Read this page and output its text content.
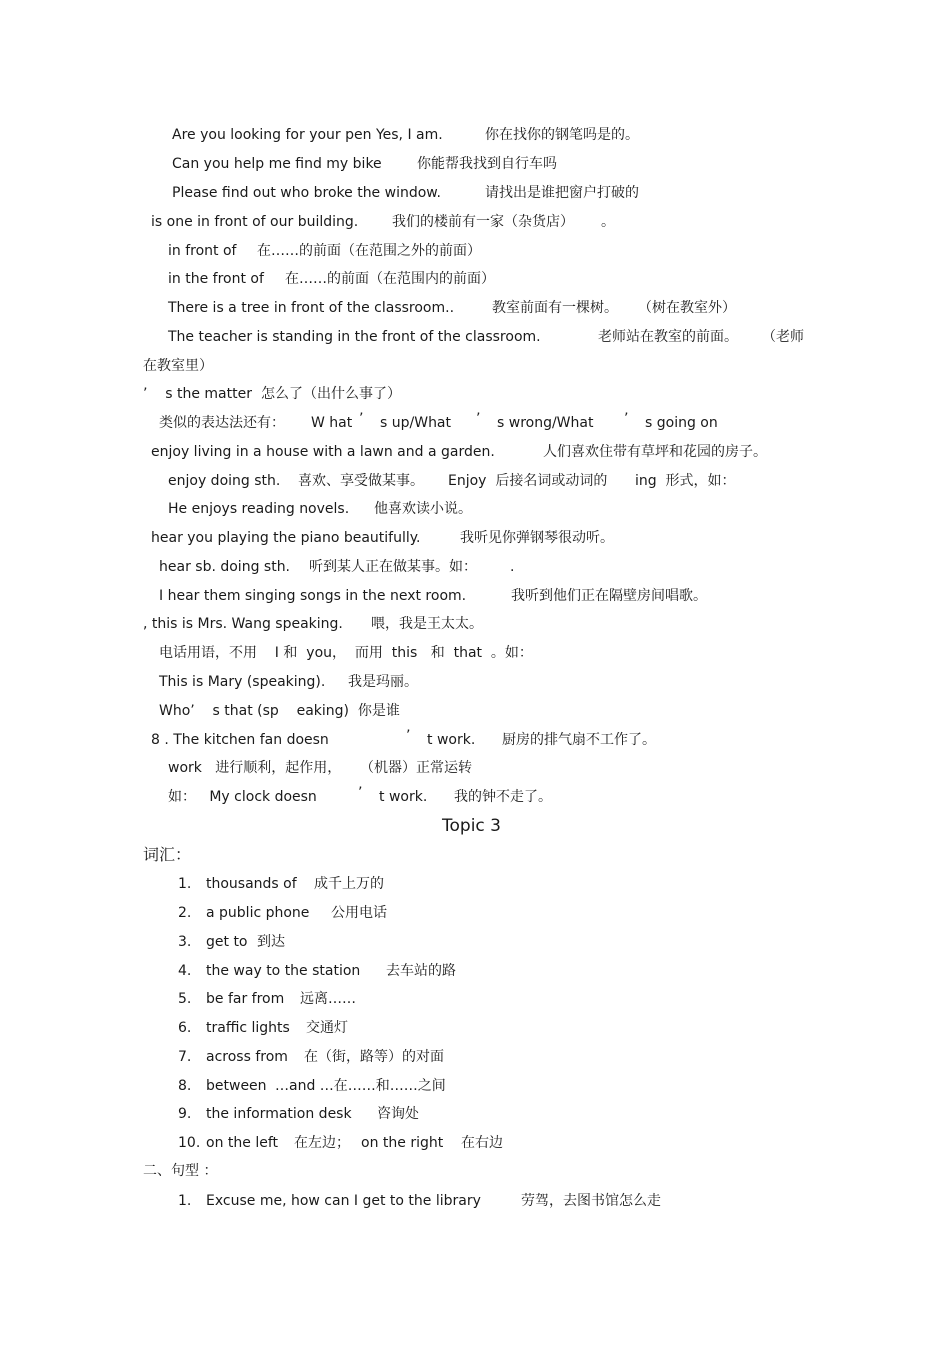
Are you looking for your pen Yes, I am.	你在找你的钢笔吗是的。
Can you help me find my bike	你能帮我找到自行车吗
Please find out who broke the window.	请找出是谁把窗户打破的
is one in front of our building. 我们的楼前有一家（杂货店） 。
in front of 在……的前面（在范围之外的前面）
in the front of 在……的前面（在范围内的前面）
There is a tree in front of the classroom..	教室前面有一棵树。 （树在教室外）
The teacher is standing in the front of the classroom.	老师站在教室的前面。 （老师
在教室里）
’    s the matter 怎么了（出什么事了）
类似的表达法还有： W hat ’ s up/What ’ s wrong/What ’ s going on
enjoy living in a house with a lawn and a garden.	人们喜欢住带有草坪和花园的房子。
enjoy doing sth. 喜欢、享受做某事。 Enjoy  后接名词或动词的 ing  形式，如：
He enjoys reading novels. 他喜欢读小说。
hear you playing the piano beautifully.	我听见你弹钢琴很动听。
hear sb. doing sth. 听到某人正在做某事。如： .
I hear them singing songs in the next room.	我听到他们正在隔壁房间唱歌。
, this is Mrs. Wang speaking. 喂，我是王太太。
电话用语，不用    I 和  you，  而用  this   和  that  。如：
This is Mary (speaking). 我是玛丽。
Who’    s that (sp    eaking)  你是谁
8 . The kitchen fan doesn	’ t work. 厨房的排气扇不工作了。
work   进行顺利，起作用， （机器）正常运转
如：   My clock doesn	’ t work. 我的钟不走了。
Topic 3
词汇：
1. thousands of 成千上万的
2. a public phone 公用电话
3. get to 到达
4. the way to the station 去车站的路
5. be far from 远离……
6. traffic lights 交通灯
7. across from 在（街，路等）的对面
8. between …and …在……和……之间
9. the information desk 咨询处
10. on the left 在左边； on the right 在右边
二、句型 ：
1. Excuse me, how can I get to the library	劳驾，去图书馆怎么走
